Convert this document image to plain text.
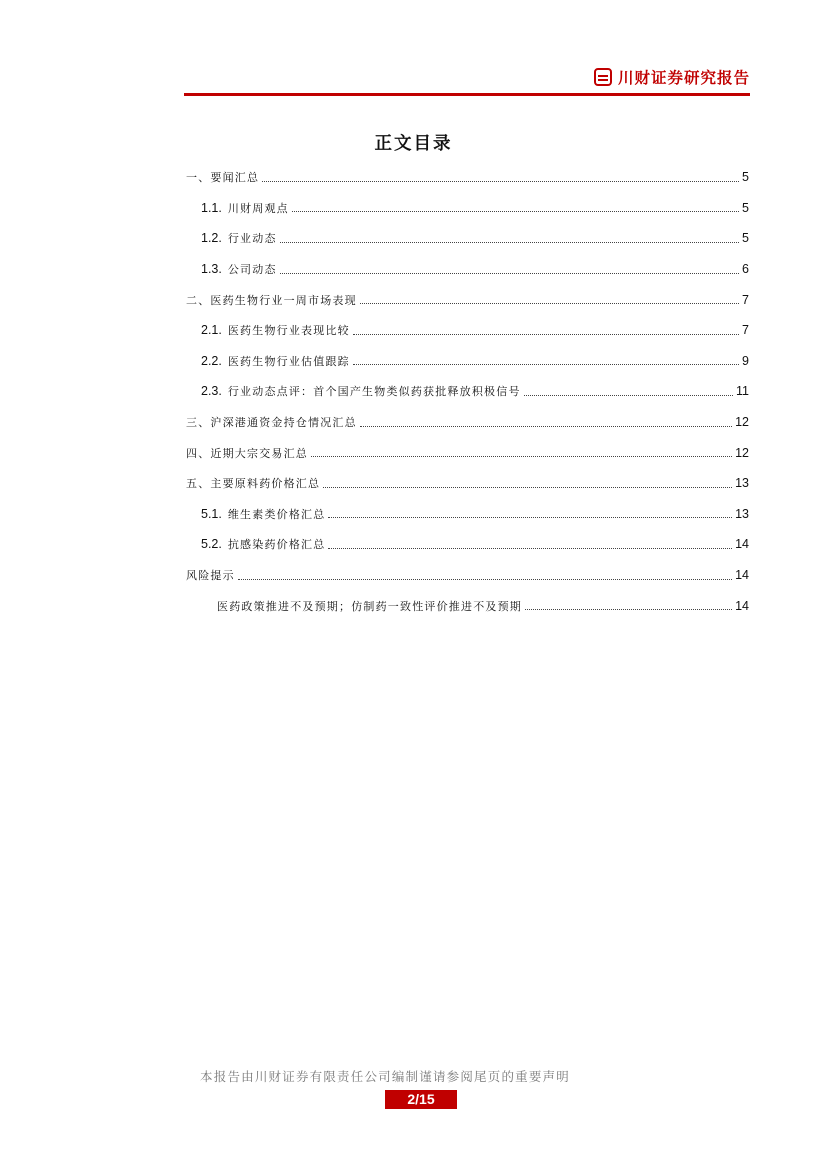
川财证券研究报告
正文目录
一、要闻汇总	5
1.1. 川财周观点	5
1.2. 行业动态	5
1.3. 公司动态	6
二、医药生物行业一周市场表现	7
2.1. 医药生物行业表现比较	7
2.2. 医药生物行业估值跟踪	9
2.3. 行业动态点评：首个国产生物类似药获批释放积极信号	11
三、沪深港通资金持仓情况汇总	12
四、近期大宗交易汇总	12
五、主要原料药价格汇总	13
5.1. 维生素类价格汇总	13
5.2. 抗感染药价格汇总	14
风险提示	14
医药政策推进不及预期；仿制药一致性评价推进不及预期	14
本报告由川财证券有限责任公司编制谨请参阅尾页的重要声明
2/15
